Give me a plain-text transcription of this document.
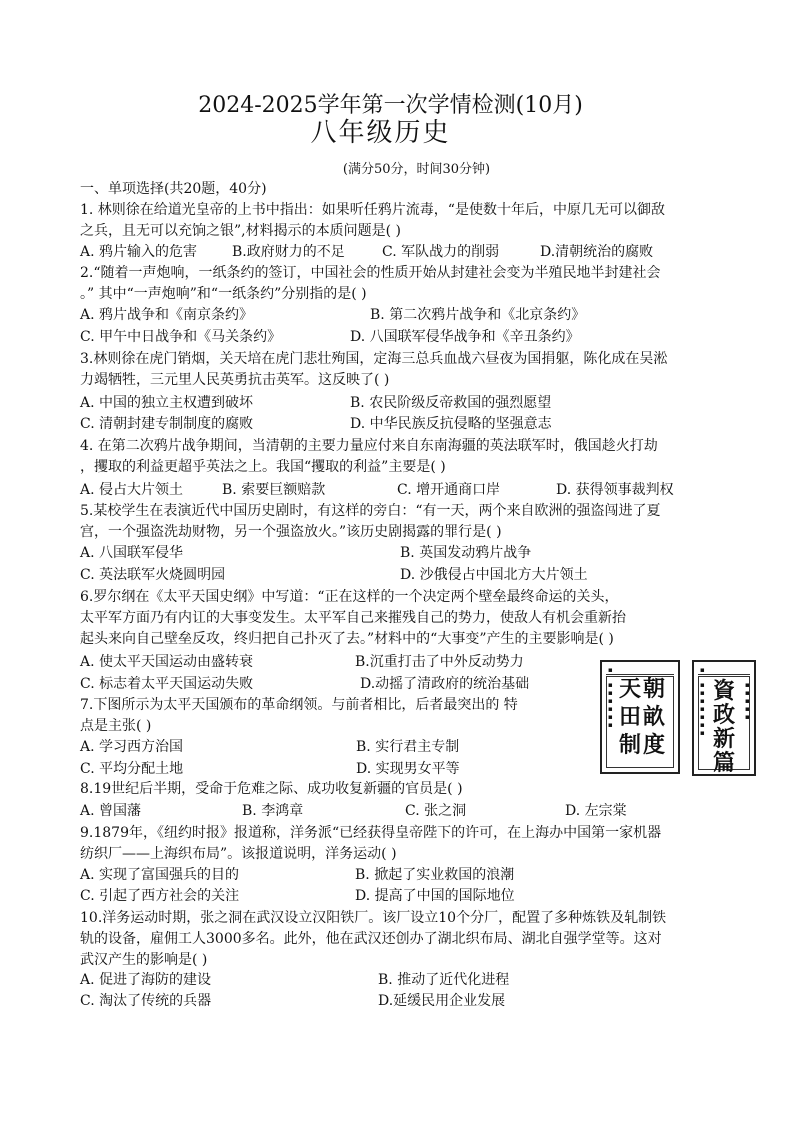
2024-2025学年第一次学情检测(10月)
八年级历史
(满分50分，时间30分钟)
一、单项选择(共20题，40分)
1. 林则徐在给道光皇帝的上书中指出：如果听任鸦片流毒，“是使数十年后，中原几无可以御敌
之兵，且无可以充饷之银”,材料揭示的本质问题是( )
A. 鸦片输入的危害 B.政府财力的不足	C. 军队战力的削弱	D.清朝统治的腐败
2.“随着一声炮响，一纸条约的签订，中国社会的性质开始从封建社会变为半殖民地半封建社会
。” 其中“一声炮响”和“一纸条约”分别指的是( )
A. 鸦片战争和《南京条约》	B. 第二次鸦片战争和《北京条约》
C. 甲午中日战争和《马关条约》	D. 八国联军侵华战争和《辛丑条约》
3.林则徐在虎门销烟，关天培在虎门悲壮殉国，定海三总兵血战六昼夜为国捐躯，陈化成在吴淞
力竭牺牲，三元里人民英勇抗击英军。这反映了( )
A. 中国的独立主权遭到破坏	B. 农民阶级反帝救国的强烈愿望
C. 清朝封建专制制度的腐败	D. 中华民族反抗侵略的坚强意志
4. 在第二次鸦片战争期间，当清朝的主要力量应付来自东南海疆的英法联军时，俄国趁火打劫
，攫取的利益更超乎英法之上。我国“攫取的利益”主要是( )
A. 侵占大片领土	B. 索要巨额赔款	C. 增开通商口岸	D. 获得领事裁判权
5.某校学生在表演近代中国历史剧时，有这样的旁白：“有一天，两个来自欧洲的强盗闯进了夏
宫，一个强盗洗劫财物，另一个强盗放火。”该历史剧揭露的罪行是( )
A. 八国联军侵华	B. 英国发动鸦片战争
C. 英法联军火烧圆明园	D. 沙俄侵占中国北方大片领土
6.罗尔纲在《太平天国史纲》中写道：“正在这样的一个决定两个壁垒最终命运的关头，
太平军方面乃有内讧的大事变发生。太平军自己来摧残自己的势力，使敌人有机会重新抬
起头来向自己壁垒反攻，终归把自己扑灭了去。”材料中的“大事变”产生的主要影响是( )
A. 使太平天国运动由盛转衰	B.沉重打击了中外反动势力
C. 标志着太平天国运动失败	D.动摇了清政府的统治基础
7.下图所示为太平天国颁布的革命纲领。与前者相比，后者最突出的 特
点是主张( )
A. 学习西方治国	B. 实行君主专制
C. 平均分配土地	D. 实现男女平等
▪
▪▪▪▪▪▪
天 朝
田 畝
制 度
▪
▪▪▪▪▪▪▪
▪▪▪▪▪
資
政
新
篇
8.19世纪后半期，受命于危难之际、成功收复新疆的官员是( )
A. 曾国藩	B. 李鸿章	C. 张之洞	D. 左宗棠
9.1879年，《纽约时报》报道称，洋务派“已经获得皇帝陛下的许可，在上海办中国第一家机器
纺织厂——上海织布局”。该报道说明，洋务运动( )
A. 实现了富国强兵的目的	B. 掀起了实业救国的浪潮
C. 引起了西方社会的关注	D. 提高了中国的国际地位
10.洋务运动时期，张之洞在武汉设立汉阳铁厂。该厂设立10个分厂，配置了多种炼铁及轧制铁
轨的设备，雇佣工人3000多名。此外，他在武汉还创办了湖北织布局、湖北自强学堂等。这对
武汉产生的影响是( )
A. 促进了海防的建设	B. 推动了近代化进程
C. 淘汰了传统的兵器	D.延缓民用企业发展
